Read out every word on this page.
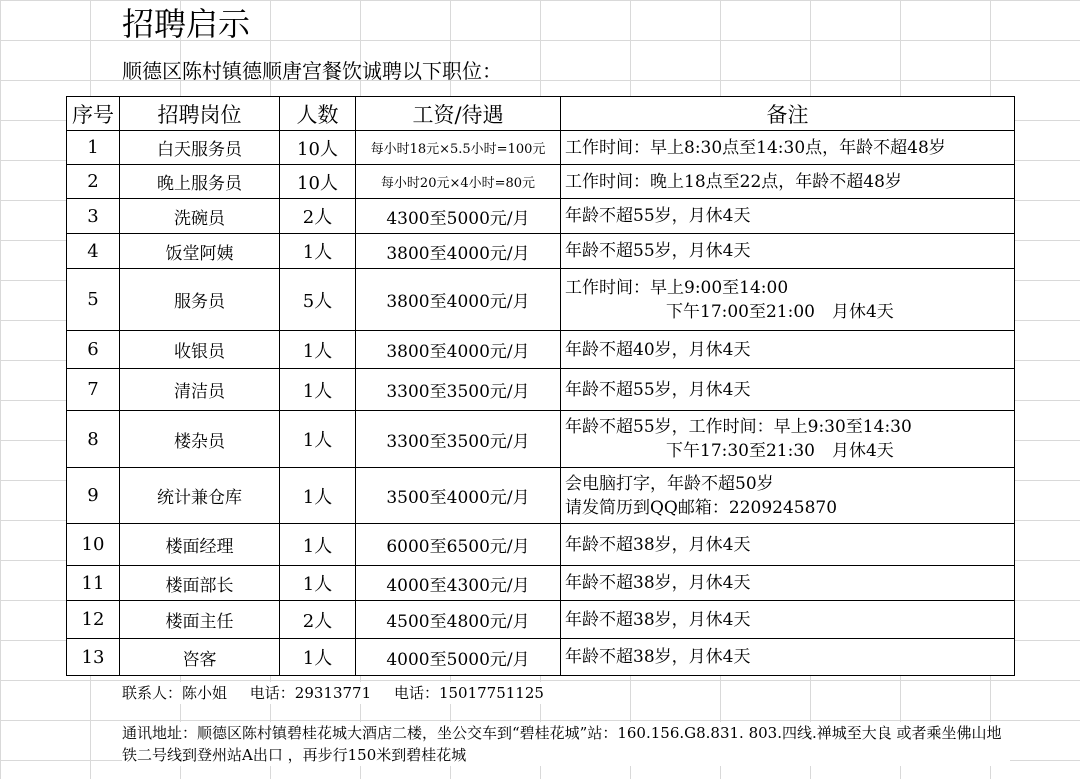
招聘启示
顺德区陈村镇德顺唐宫餐饮诚聘以下职位：
序号	招聘岗位	人数	工资/待遇	备注
1	白天服务员	10人	每小时18元×5.5小时=100元	工作时间：早上8:30点至14:30点，年龄不超48岁
2	晚上服务员	10人	每小时20元×4小时=80元	工作时间：晚上18点至22点，年龄不超48岁
3	洗碗员	2人	4300至5000元/月	年龄不超55岁，月休4天
4	饭堂阿姨	1人	3800至4000元/月	年龄不超55岁，月休4天
5	服务员	5人	3800至4000元/月	工作时间：早上9:00至14:00
下午17:00至21:00　月休4天

6	收银员	1人	3800至4000元/月	年龄不超40岁，月休4天
7	清洁员	1人	3300至3500元/月	年龄不超55岁，月休4天
8	楼杂员	1人	3300至3500元/月	年龄不超55岁，工作时间：早上9:30至14:30
下午17:30至21:30　月休4天

9	统计兼仓库	1人	3500至4000元/月	会电脑打字，年龄不超50岁
请发简历到QQ邮箱：2209245870
10	楼面经理	1人	6000至6500元/月	年龄不超38岁，月休4天
11	楼面部长	1人	4000至4300元/月	年龄不超38岁，月休4天
12	楼面主任	2人	4500至4800元/月	年龄不超38岁，月休4天
13	咨客	1人	4000至5000元/月	年龄不超38岁，月休4天
联系人：陈小姐 电话：29313771 电话：15017751125
通讯地址：顺德区陈村镇碧桂花城大酒店二楼，坐公交车到“碧桂花城”站：160.156.G8.831. 803.四线.禅城至大良 或者乘坐佛山地铁二号线到登州站A出口 ，再步行150米到碧桂花城
